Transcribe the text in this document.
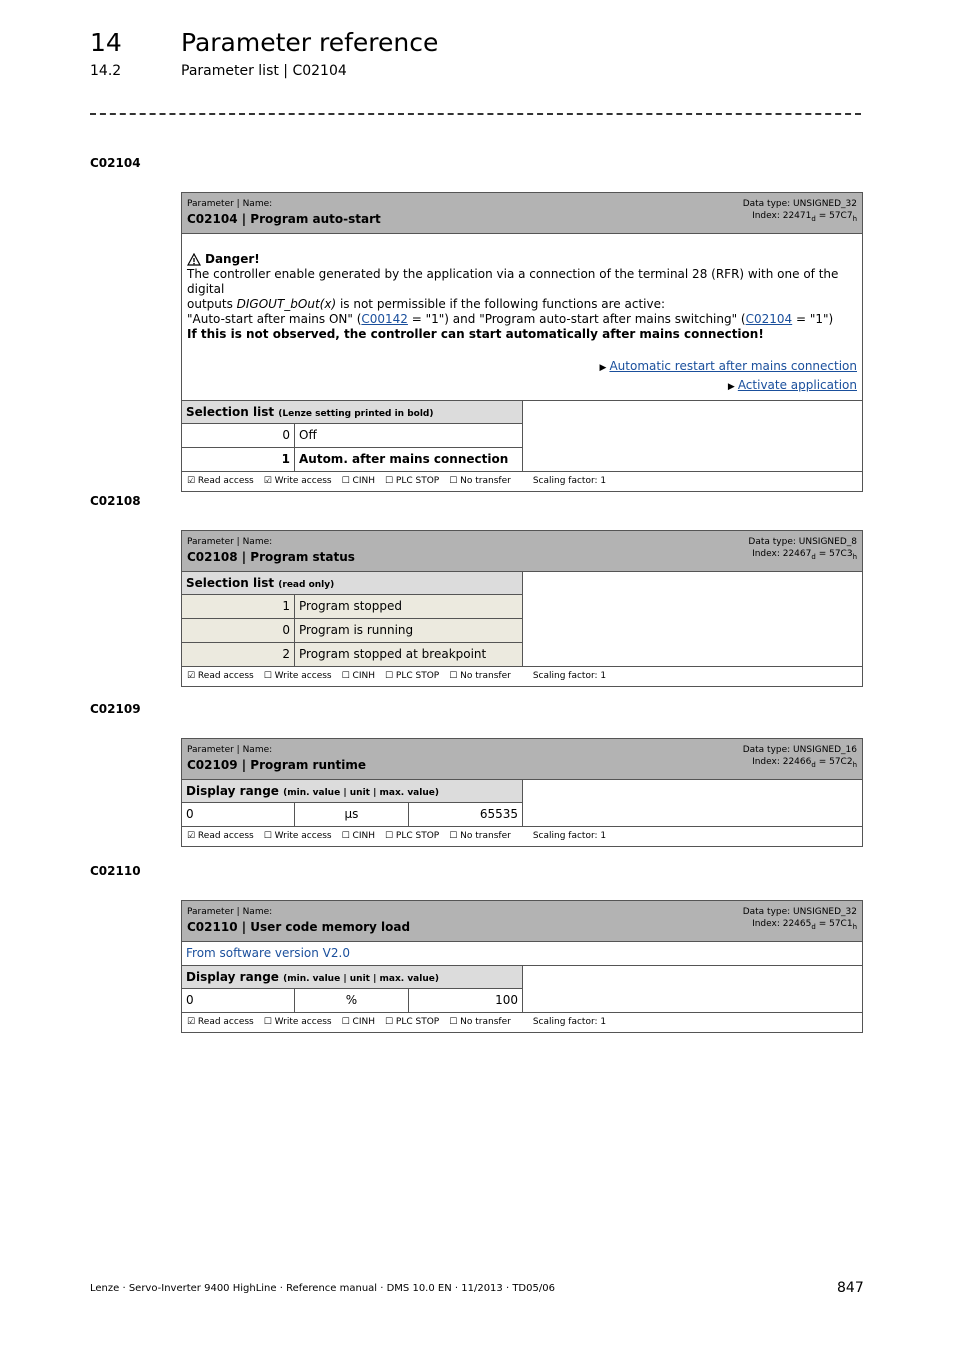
14 Parameter reference
14.2	Parameter list | C02104
C02104
Parameter | Name:
C02104 | Program auto-start
Data type: UNSIGNED_32
Index: $22471_d = 57C7_h$
Danger!
The controller enable generated by the application via a connection of the terminal 28 (RFR) with one of the digital
outputs DIGOUT_bOut(x) is not permissible if the following functions are active:
"Auto-start after mains ON" (C00142 = "1") and "Program auto-start after mains switching" (C02104 = "1")
If this is not observed, the controller can start automatically after mains connection!
▶ Automatic restart after mains connection
▶ Activate application
Selection list (Lenze setting printed in bold)
0 Off
1 Autom. after mains connection
☑ Read access ☑ Write access ☐ CINH ☐ PLC STOP ☐ No transfer Scaling factor: 1
C02108
Parameter | Name:
C02108 | Program status
Data type: UNSIGNED_8
Index: $22467_d = 57C3_h$
Selection list (read only)
1 Program stopped
0 Program is running
2 Program stopped at breakpoint
☑ Read access ☐ Write access ☐ CINH ☐ PLC STOP ☐ No transfer Scaling factor: 1
C02109
Parameter | Name:
C02109 | Program runtime
Data type: UNSIGNED_16
Index: $22466_d = 57C2_h$
Display range (min. value | unit | max. value)
0	µs	65535
☑ Read access ☐ Write access ☐ CINH ☐ PLC STOP ☐ No transfer Scaling factor: 1
C02110
Parameter | Name:
C02110 | User code memory load
Data type: UNSIGNED_32
Index: $22465_d = 57C1_h$
From software version V2.0
Display range (min. value | unit | max. value)
0	%	100
☑ Read access ☐ Write access ☐ CINH ☐ PLC STOP ☐ No transfer Scaling factor: 1
Lenze · Servo-Inverter 9400 HighLine · Reference manual · DMS 10.0 EN · 11/2013 · TD05/06	847
